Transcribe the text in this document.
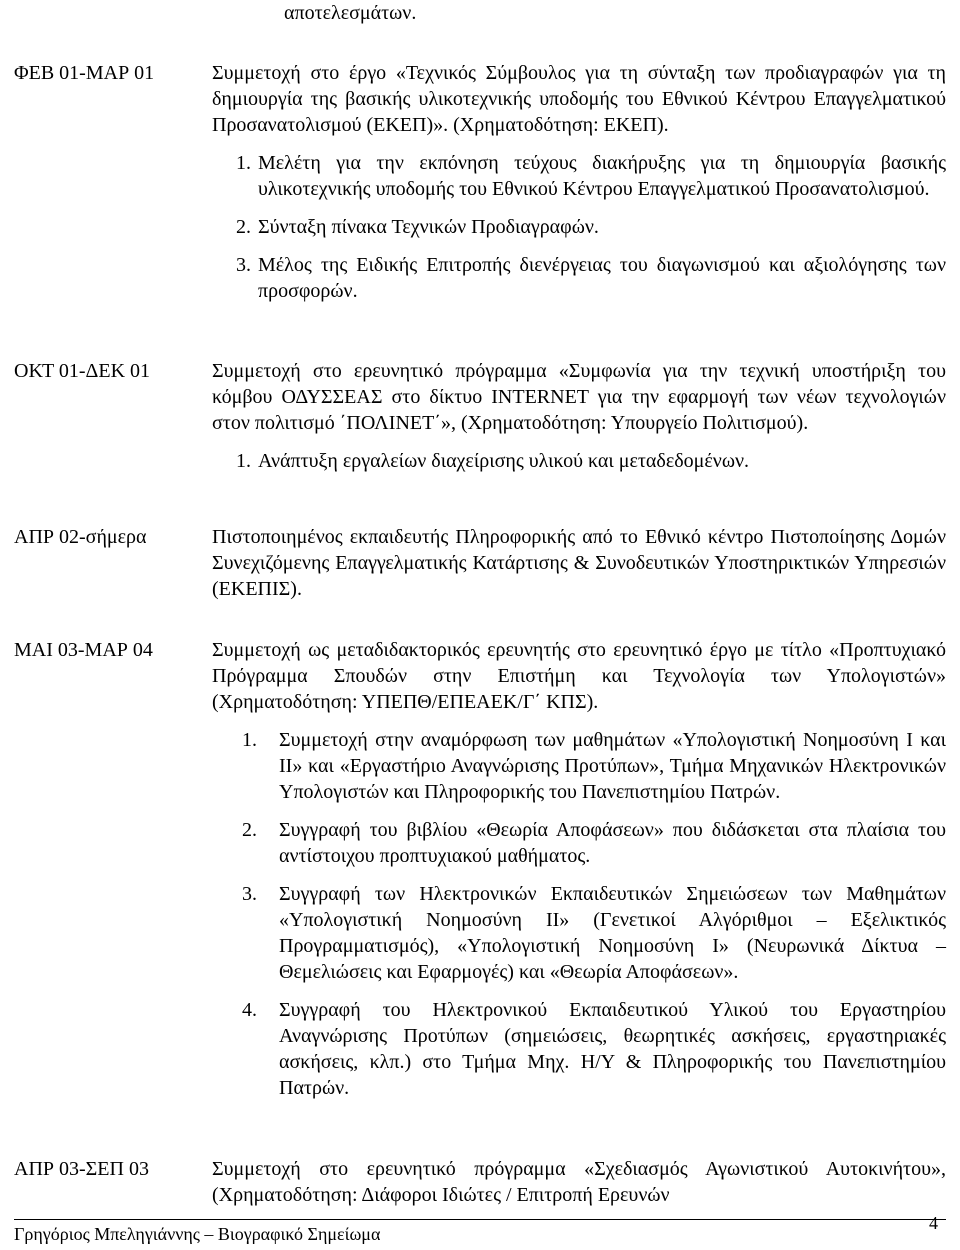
αποτελεσμάτων.

ΦΕΒ 01-ΜΑΡ 01	Συμμετοχή στο έργο «Τεχνικός Σύμβουλος για τη σύνταξη των προδιαγραφών για τη δημιουργία της βασικής υλικοτεχνικής υποδομής του Εθνικού Κέντρου Επαγγελματικού Προσανατολισμού (ΕΚΕΠ)». (Χρηματοδότηση: ΕΚΕΠ).

1. Μελέτη για την εκπόνηση τεύχους διακήρυξης για τη δημιουργία βασικής υλικοτεχνικής υποδομής του Εθνικού Κέντρου Επαγγελματικού Προσανατολισμού.
2. Σύνταξη πίνακα Τεχνικών Προδιαγραφών.
3. Μέλος της Ειδικής Επιτροπής διενέργειας του διαγωνισμού και αξιολόγησης των προσφορών.

ΟΚΤ 01-ΔΕΚ 01	Συμμετοχή στο ερευνητικό πρόγραμμα «Συμφωνία για την τεχνική υποστήριξη του κόμβου ΟΔΥΣΣΕΑΣ στο δίκτυο INTERNET για την εφαρμογή των νέων τεχνολογιών στον πολιτισμό ΄ΠΟΛΙΝΕΤ΄», (Χρηματοδότηση: Υπουργείο Πολιτισμού).

1. Ανάπτυξη εργαλείων διαχείρισης υλικού και μεταδεδομένων.

ΑΠΡ 02-σήμερα	Πιστοποιημένος εκπαιδευτής Πληροφορικής από το Εθνικό κέντρο Πιστοποίησης Δομών Συνεχιζόμενης Επαγγελματικής Κατάρτισης & Συνοδευτικών Υποστηρικτικών Υπηρεσιών (ΕΚΕΠΙΣ).

ΜΑΙ 03-ΜΑΡ 04	Συμμετοχή ως μεταδιδακτορικός ερευνητής στο ερευνητικό έργο με τίτλο «Προπτυχιακό Πρόγραμμα Σπουδών στην Επιστήμη και Τεχνολογία των Υπολογιστών» (Χρηματοδότηση: ΥΠΕΠΘ/ΕΠΕΑΕΚ/Γ΄ ΚΠΣ).

1. Συμμετοχή στην αναμόρφωση των μαθημάτων «Υπολογιστική Νοημοσύνη Ι και ΙΙ» και «Εργαστήριο Αναγνώρισης Προτύπων», Τμήμα Μηχανικών Ηλεκτρονικών Υπολογιστών και Πληροφορικής του Πανεπιστημίου Πατρών.
2. Συγγραφή του βιβλίου «Θεωρία Αποφάσεων» που διδάσκεται στα πλαίσια του αντίστοιχου προπτυχιακού μαθήματος.
3. Συγγραφή των Ηλεκτρονικών Εκπαιδευτικών Σημειώσεων των Μαθημάτων «Υπολογιστική Νοημοσύνη ΙΙ» (Γενετικοί Αλγόριθμοι – Εξελικτικός Προγραμματισμός), «Υπολογιστική Νοημοσύνη Ι» (Νευρωνικά Δίκτυα – Θεμελιώσεις και Εφαρμογές) και «Θεωρία Αποφάσεων».
4. Συγγραφή του Ηλεκτρονικού Εκπαιδευτικού Υλικού του Εργαστηρίου Αναγνώρισης Προτύπων (σημειώσεις, θεωρητικές ασκήσεις, εργαστηριακές ασκήσεις, κλπ.) στο Τμήμα Μηχ. Η/Υ & Πληροφορικής του Πανεπιστημίου Πατρών.

ΑΠΡ 03-ΣΕΠ 03	Συμμετοχή στο ερευνητικό πρόγραμμα «Σχεδιασμός Αγωνιστικού Αυτοκινήτου», (Χρηματοδότηση: Διάφοροι Ιδιώτες / Επιτροπή Ερευνών

Γρηγόριος Μπεληγιάννης – Βιογραφικό Σημείωμα
4
